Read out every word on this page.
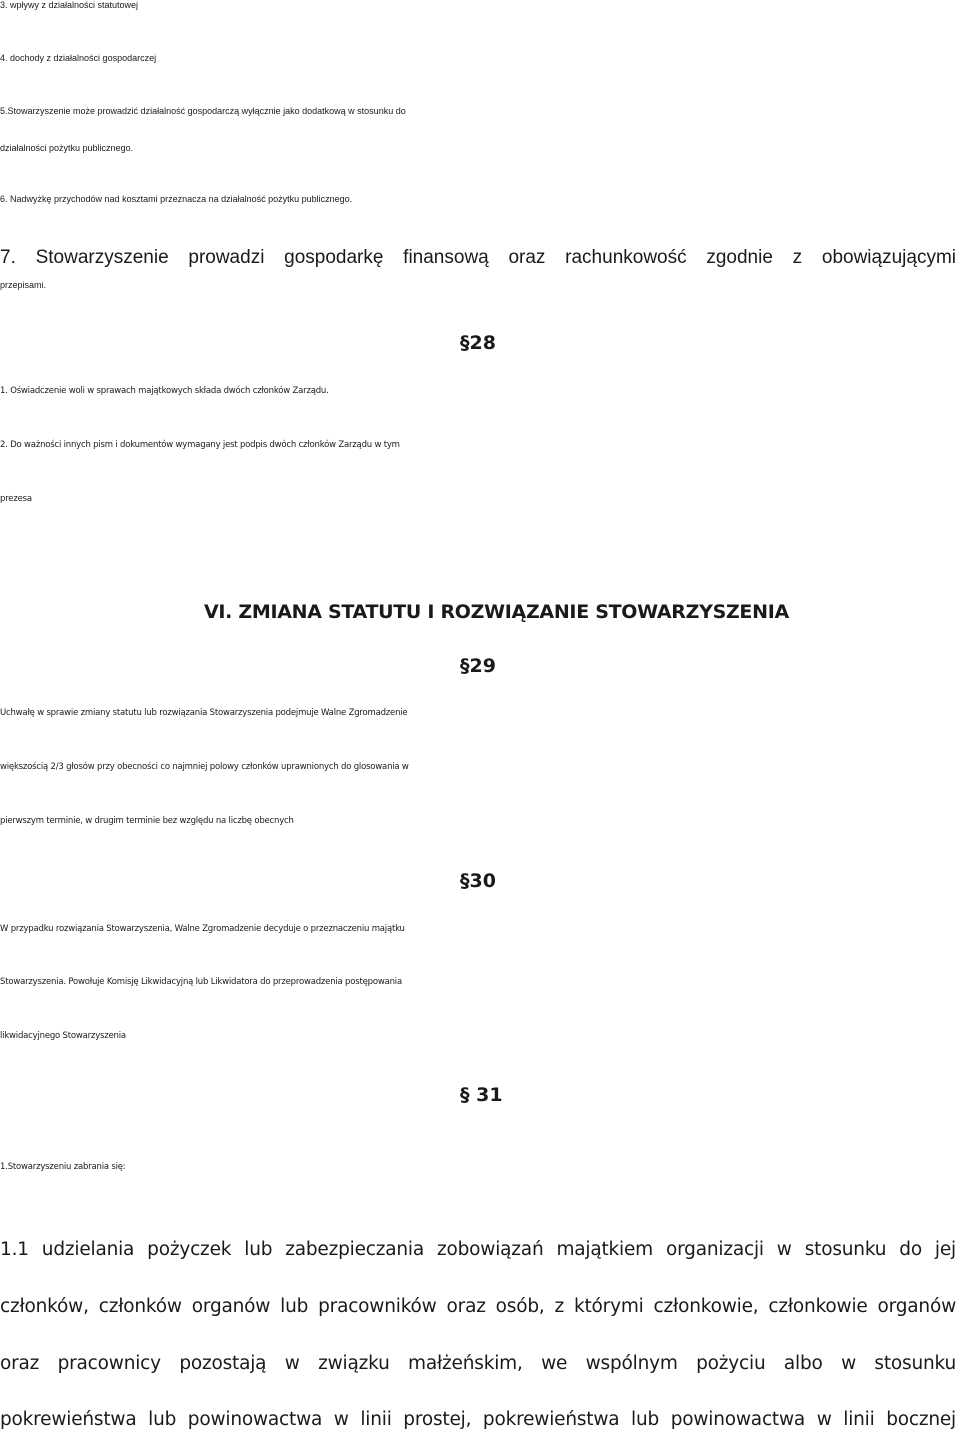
3. wpływy z działalności statutowej

4. dochody z działalności gospodarczej

5.Stowarzyszenie może prowadzić działalność gospodarczą wyłącznie jako dodatkową w stosunku do

działalności pożytku publicznego.

6. Nadwyżkę przychodów nad kosztami przeznacza na działalność pożytku publicznego.

7. Stowarzyszenie prowadzi gospodarkę finansową oraz rachunkowość zgodnie z obowiązującymi

przepisami.

§28

1. Oświadczenie woli w sprawach majątkowych składa dwóch członków Zarządu.

2. Do ważności innych pism i dokumentów wymagany jest podpis dwóch członków Zarządu w tym

prezesa

VI. ZMIANA STATUTU I ROZWIĄZANIE STOWARZYSZENIA

§29

Uchwałę w sprawie zmiany statutu lub rozwiązania Stowarzyszenia podejmuje Walne Zgromadzenie

większością 2/3 głosów przy obecności co najmniej polowy członków uprawnionych do glosowania w

pierwszym terminie, w drugim terminie bez względu na liczbę obecnych

§30

W przypadku rozwiązania Stowarzyszenia, Walne Zgromadzenie decyduje o przeznaczeniu majątku

Stowarzyszenia. Powołuje Komisję Likwidacyjną lub Likwidatora do przeprowadzenia postępowania

likwidacyjnego Stowarzyszenia

§ 31

1.Stowarzyszeniu zabrania się:

1.1 udzielania pożyczek lub zabezpieczania zobowiązań majątkiem organizacji w stosunku do jej

członków, członków organów lub pracowników oraz osób, z którymi członkowie, członkowie organów

oraz pracownicy pozostają w związku małżeńskim, we wspólnym pożyciu albo w stosunku

pokrewieństwa lub powinowactwa w linii prostej, pokrewieństwa lub powinowactwa w linii bocznej
